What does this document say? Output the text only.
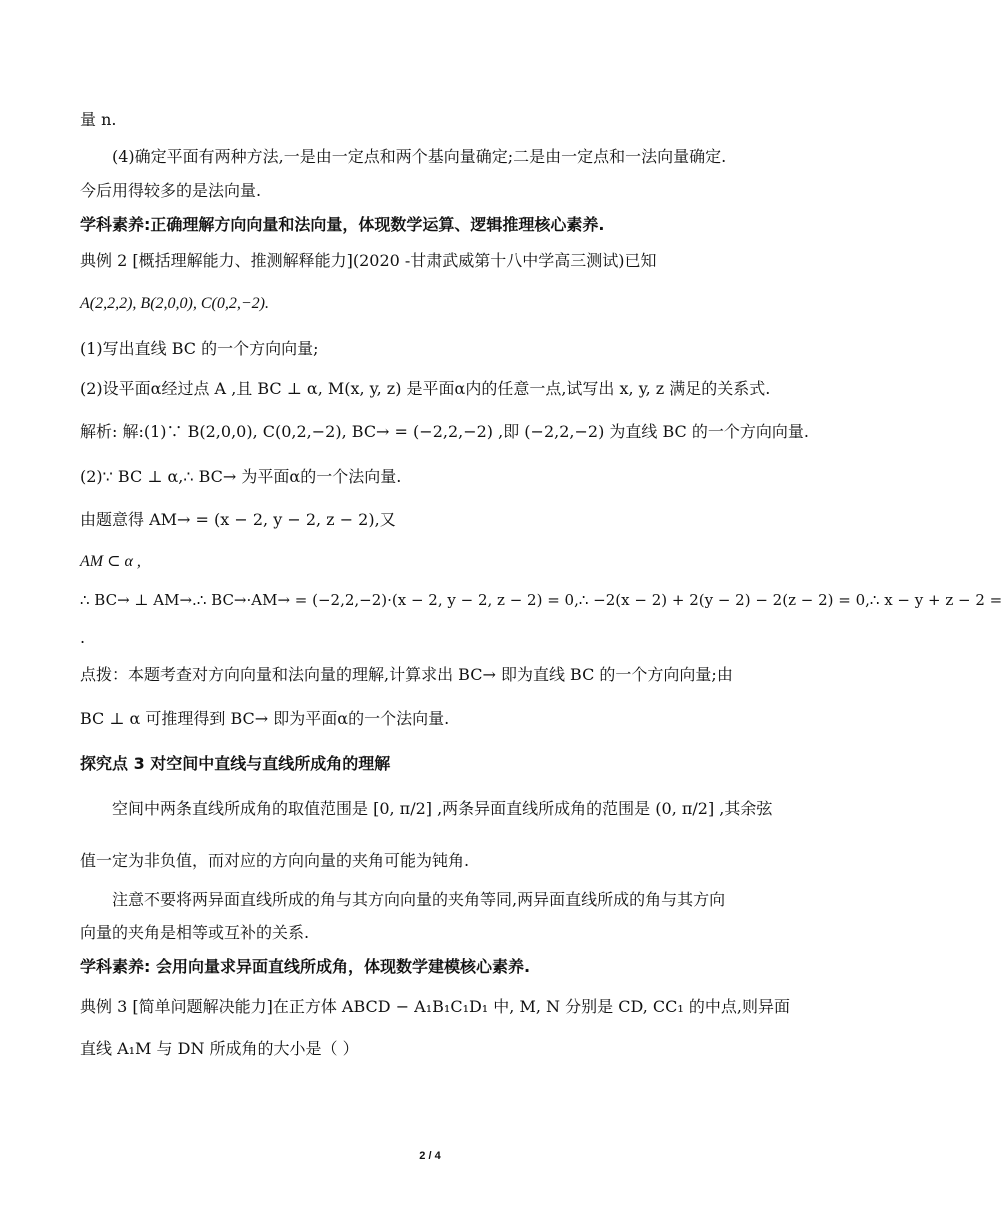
量 n.
(4)确定平面有两种方法,一是由一定点和两个基向量确定;二是由一定点和一法向量确定.
今后用得较多的是法向量.
学科素养:正确理解方向向量和法向量，体现数学运算、逻辑推理核心素养.
典例 2 [概括理解能力、推测解释能力](2020 -甘肃武威第十八中学高三测试)已知
A(2,2,2), B(2,0,0), C(0,2,−2).
(1)写出直线 BC 的一个方向向量;
(2)设平面α经过点 A ,且 BC ⊥ α, M(x, y, z) 是平面α内的任意一点,试写出 x, y, z 满足的关系式.
解析: 解:(1)∵ B(2,0,0), C(0,2,−2), BC→ = (−2,2,−2) ,即 (−2,2,−2) 为直线 BC 的一个方向向量.
(2)∵ BC ⊥ α,∴ BC→ 为平面α的一个法向量.
由题意得 AM→ = (x − 2, y − 2, z − 2),又
AM ⊂ α ,
∴ BC→ ⊥ AM→.∴ BC→·AM→ = (−2,2,−2)·(x − 2, y − 2, z − 2) = 0,∴ −2(x − 2) + 2(y − 2) − 2(z − 2) = 0,∴ x − y + z − 2 =
.
点拨：本题考查对方向向量和法向量的理解,计算求出 BC→ 即为直线 BC 的一个方向向量;由
BC ⊥ α 可推理得到 BC→ 即为平面α的一个法向量.
探究点 3 对空间中直线与直线所成角的理解
空间中两条直线所成角的取值范围是 [0, π/2] ,两条异面直线所成角的范围是 (0, π/2] ,其余弦
值一定为非负值，而对应的方向向量的夹角可能为钝角.
注意不要将两异面直线所成的角与其方向向量的夹角等同,两异面直线所成的角与其方向
向量的夹角是相等或互补的关系.
学科素养: 会用向量求异面直线所成角，体现数学建模核心素养.
典例 3 [简单问题解决能力]在正方体 ABCD − A₁B₁C₁D₁ 中, M, N 分别是 CD, CC₁ 的中点,则异面
直线 A₁M 与 DN 所成角的大小是（ ）
2 / 4
